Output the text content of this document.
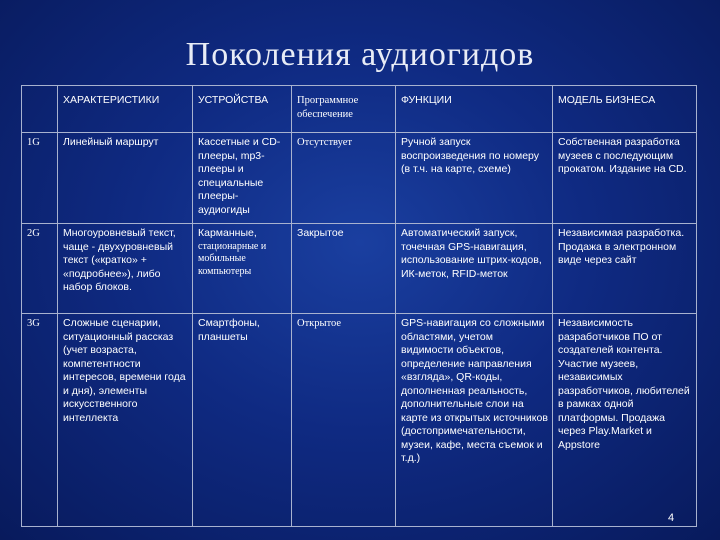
Поколения аудиогидов
	ХАРАКТЕРИСТИКИ	УСТРОЙСТВА	Программное обеспечение	ФУНКЦИИ	МОДЕЛЬ БИЗНЕСА
1G	Линейный маршрут	Кассетные и CD-плееры, mp3-плееры и специальные плееры-аудиогиды	Отсутствует	Ручной запуск воспроизведения по номеру (в т.ч. на карте, схеме)	Собственная разработка музеев с последующим прокатом. Издание на CD.
2G	Многоуровневый текст, чаще - двухуровневый текст («кратко» + «подробнее»), либо набор блоков.	Карманные,
стационарные и мобильные компьютеры	Закрытое	Автоматический запуск, точечная GPS-навигация, использование штрих-кодов, ИК-меток, RFID-меток	Независимая разработка. Продажа в электронном виде через сайт
3G	Сложные сценарии, ситуационный рассказ (учет возраста, компетентности интересов, времени года и дня), элементы искусственного интеллекта	Смартфоны, планшеты	Открытое	GPS-навигация со сложными областями, учетом видимости объектов, определение направления «взгляда», QR-коды, дополненная реальность, дополнительные слои на карте из открытых источников (достопримечательности, музеи, кафе, места съемок и т.д.)	Независимость разработчиков ПО от создателей контента. Участие музеев, независимых разработчиков, любителей в рамках одной платформы. Продажа через Play.Market и Appstore
4
